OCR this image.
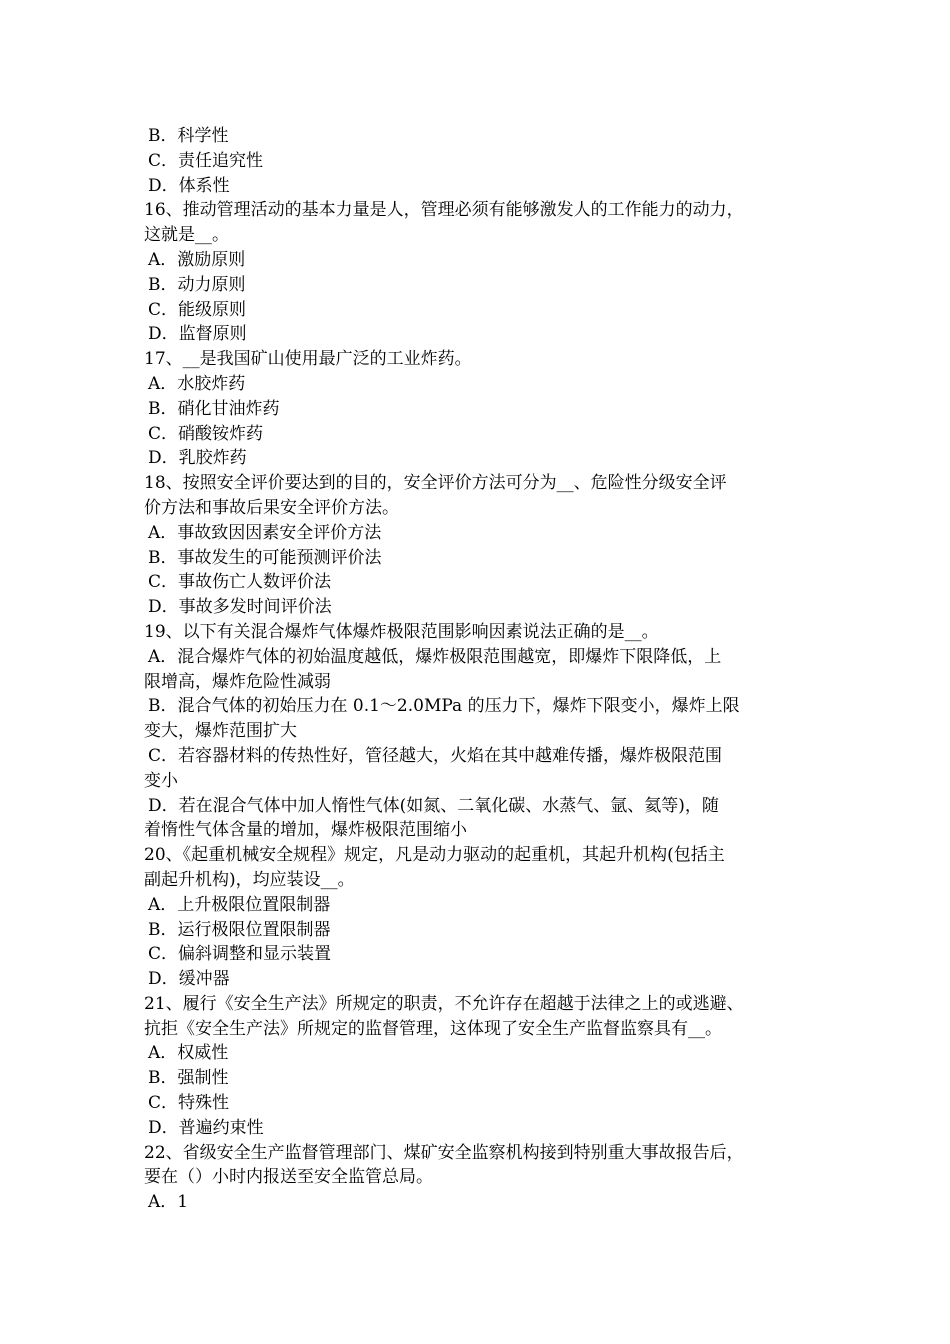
B．科学性
C．责任追究性
D．体系性
16、推动管理活动的基本力量是人，管理必须有能够激发人的工作能力的动力，
这就是__。
A．激励原则
B．动力原则
C．能级原则
D．监督原则
17、__是我国矿山使用最广泛的工业炸药。
A．水胶炸药
B．硝化甘油炸药
C．硝酸铵炸药
D．乳胶炸药
18、按照安全评价要达到的目的，安全评价方法可分为__、危险性分级安全评
价方法和事故后果安全评价方法。
A．事故致因因素安全评价方法
B．事故发生的可能预测评价法
C．事故伤亡人数评价法
D．事故多发时间评价法
19、以下有关混合爆炸气体爆炸极限范围影响因素说法正确的是__。
A．混合爆炸气体的初始温度越低，爆炸极限范围越宽，即爆炸下限降低，上
限增高，爆炸危险性减弱
B．混合气体的初始压力在 0.1～2.0MPa 的压力下，爆炸下限变小，爆炸上限
变大，爆炸范围扩大
C．若容器材料的传热性好，管径越大，火焰在其中越难传播，爆炸极限范围
变小
D．若在混合气体中加人惰性气体(如氮、二氧化碳、水蒸气、氩、氦等)，随
着惰性气体含量的增加，爆炸极限范围缩小
20、《起重机械安全规程》规定，凡是动力驱动的起重机，其起升机构(包括主
副起升机构)，均应装设__。
A．上升极限位置限制器
B．运行极限位置限制器
C．偏斜调整和显示装置
D．缓冲器
21、履行《安全生产法》所规定的职责，不允许存在超越于法律之上的或逃避、
抗拒《安全生产法》所规定的监督管理，这体现了安全生产监督监察具有__。
A．权威性
B．强制性
C．特殊性
D．普遍约束性
22、省级安全生产监督管理部门、煤矿安全监察机构接到特别重大事故报告后，
要在（）小时内报送至安全监管总局。
A．1
